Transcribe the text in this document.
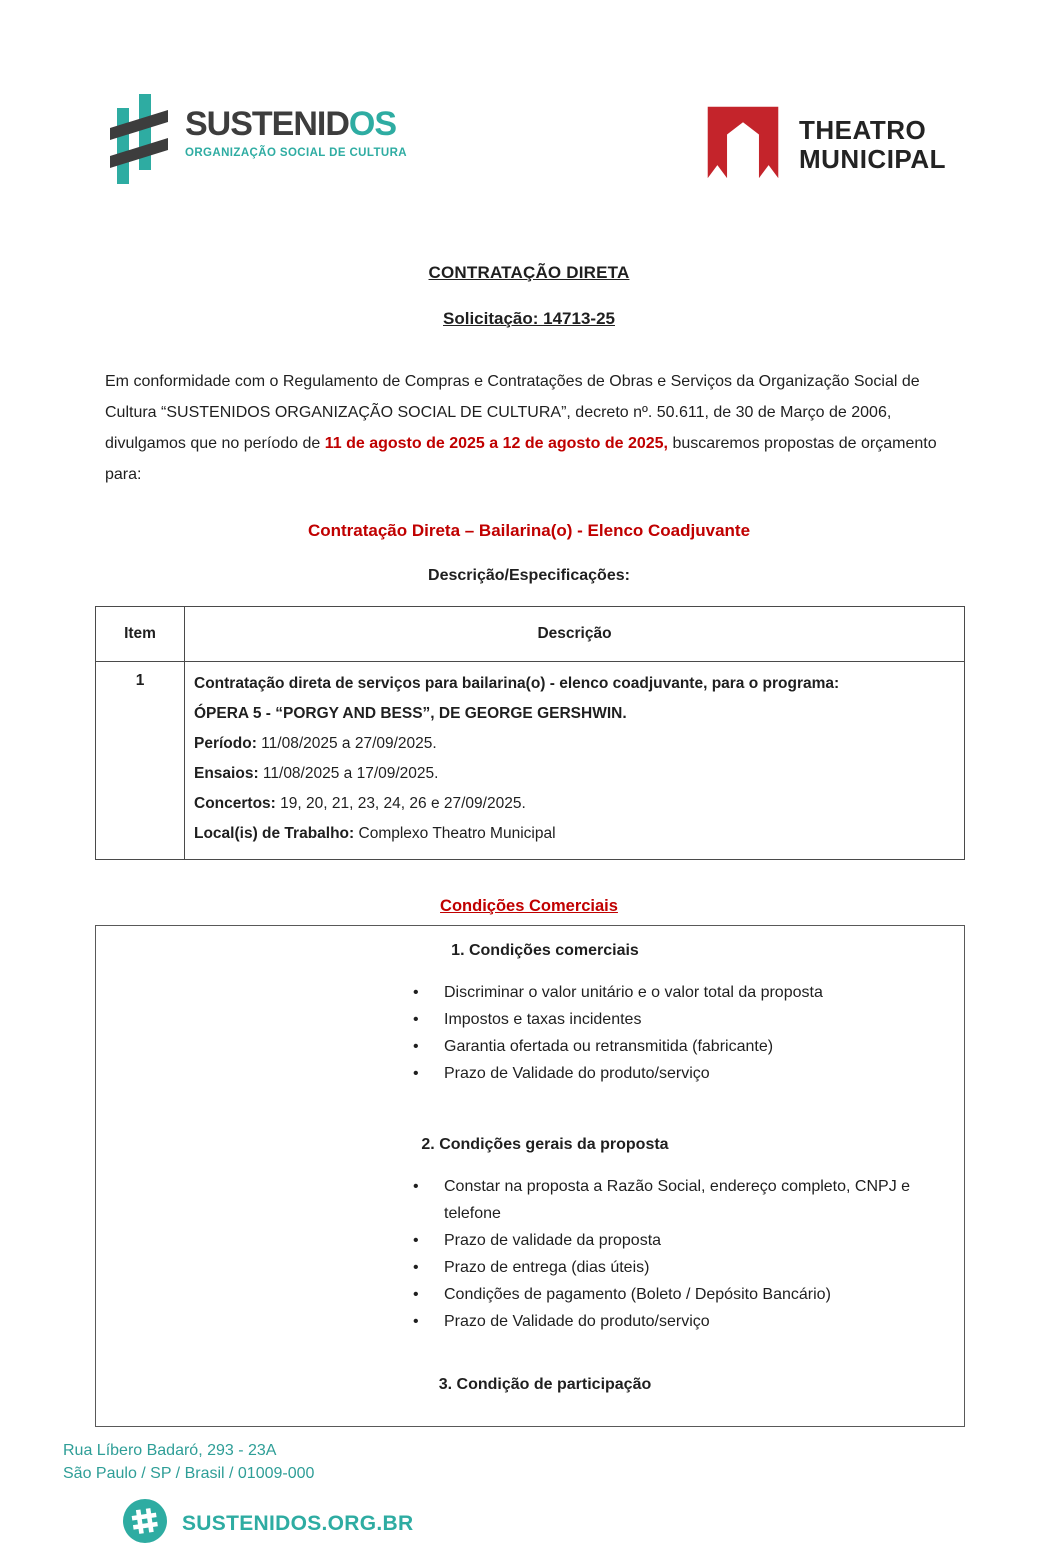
SUSTENIDOS
ORGANIZAÇÃO SOCIAL DE CULTURA
THEATRO
MUNICIPAL
CONTRATAÇÃO DIRETA
Solicitação: 14713-25

Em conformidade com o Regulamento de Compras e Contratações de Obras e Serviços da Organização Social de Cultura “SUSTENIDOS ORGANIZAÇÃO SOCIAL DE CULTURA”, decreto nº. 50.611, de 30 de Março de 2006, divulgamos que no período de 11 de agosto de 2025 a 12 de agosto de 2025, buscaremos propostas de orçamento para:

Contratação Direta – Bailarina(o) - Elenco Coadjuvante
Descrição/Especificações:
Item	Descrição
1	Contratação direta de serviços para bailarina(o) - elenco coadjuvante, para o programa:
ÓPERA 5 - “PORGY AND BESS”, DE GEORGE GERSHWIN.
Período: 11/08/2025 a 27/09/2025.
Ensaios: 11/08/2025 a 17/09/2025.
Concertos: 19, 20, 21, 23, 24, 26 e 27/09/2025.
Local(is) de Trabalho: Complexo Theatro Municipal
Condições Comerciais
1. Condições comerciais
• Discriminar o valor unitário e o valor total da proposta
• Impostos e taxas incidentes
• Garantia ofertada ou retransmitida (fabricante)
• Prazo de Validade do produto/serviço
2. Condições gerais da proposta
• Constar na proposta a Razão Social, endereço completo, CNPJ e telefone
• Prazo de validade da proposta
• Prazo de entrega (dias úteis)
• Condições de pagamento (Boleto / Depósito Bancário)
• Prazo de Validade do produto/serviço
3. Condição de participação
Rua Líbero Badaró, 293 - 23A
São Paulo / SP / Brasil / 01009-000
SUSTENIDOS.ORG.BR
